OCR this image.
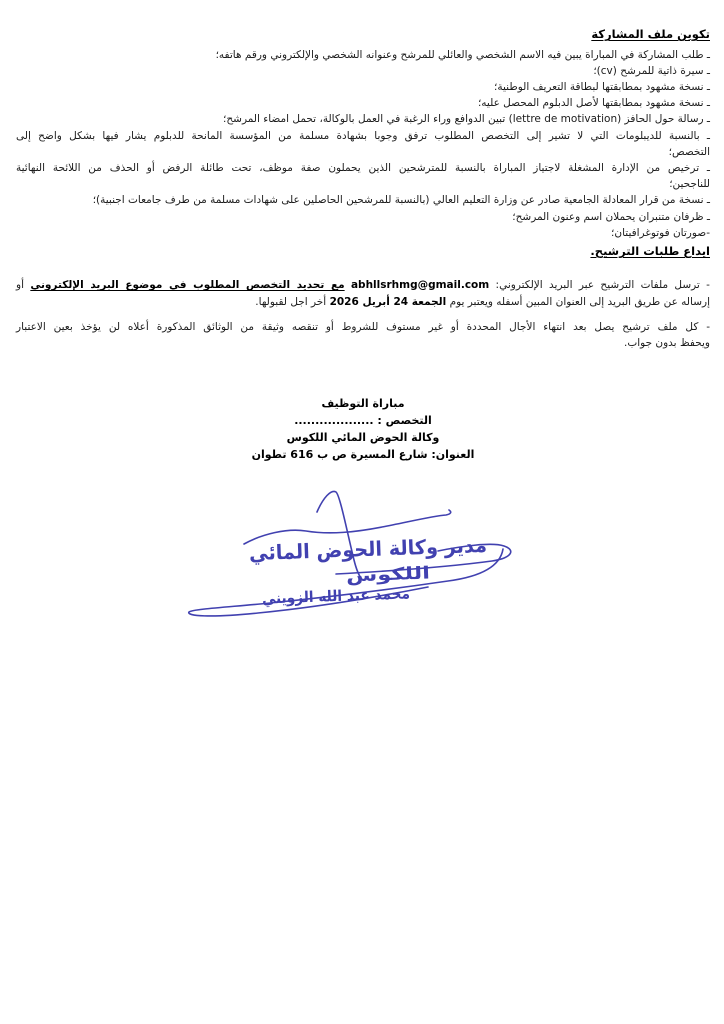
تكوين ملف المشاركة
ـ طلب المشاركة في المباراة يبين فيه الاسم الشخصي والعائلي للمرشح وعنوانه الشخصي والإلكتروني ورقم هاتفه؛
ـ سيرة ذاتية للمرشح (cv)؛
ـ نسخة مشهود بمطابقتها لبطاقة التعريف الوطنية؛
ـ نسخة مشهود بمطابقتها لأصل الدبلوم المحصل عليه؛
ـ رسالة حول الحافز (lettre de motivation) تبين الدوافع وراء الرغبة في العمل بالوكالة، تحمل امضاء المرشح؛
ـ بالنسبة للديبلومات التي لا تشير إلى التخصص المطلوب ترفق وجوبا بشهادة مسلمة من المؤسسة المانحة للدبلوم يشار فيها بشكل واضح إلى
التخصص؛
ـ ترخيص من الإدارة المشغلة لاجتياز المباراة بالنسبة للمترشحين الذين يحملون صفة موظف، تحت طائلة الرفض أو الحذف من اللائحة النهائية
للناجحين؛
ـ نسخة من قرار المعادلة الجامعية صادر عن وزارة التعليم العالي (بالنسبة للمرشحين الحاصلين على شهادات مسلمة من طرف جامعات اجنبية)؛
ـ ظرفان متنبران يحملان اسم وعنون المرشح؛
-صورتان فوتوغرافيتان؛
ايداع طلبات الترشيح.
- ترسل ملفات الترشيح عبر البريد الإلكتروني: abhllsrhmg@gmail.com مع تحديد التخصص المطلوب في موضوع البريد الإلكتروني أو
إرساله عن طريق البريد إلى العنوان المبين أسفله ويعتبر يوم الجمعة 24 أبريل 2026 أخر اجل لقبولها.
- كل ملف ترشيح يصل بعد انتهاء الأجال المحددة أو غير مستوف للشروط أو تنقصه وثيقة من الوثائق المذكورة أعلاه لن يؤخذ بعين الاعتبار
ويحفظ بدون جواب.
مباراة التوظيف
التخصص : ...................
وكالة الحوض المائي اللكوس
العنوان: شارع المسيرة ص ب 616 تطوان
مدير وكالة الحوض المائي
اللكوس
محمد عبد الله الزويني
